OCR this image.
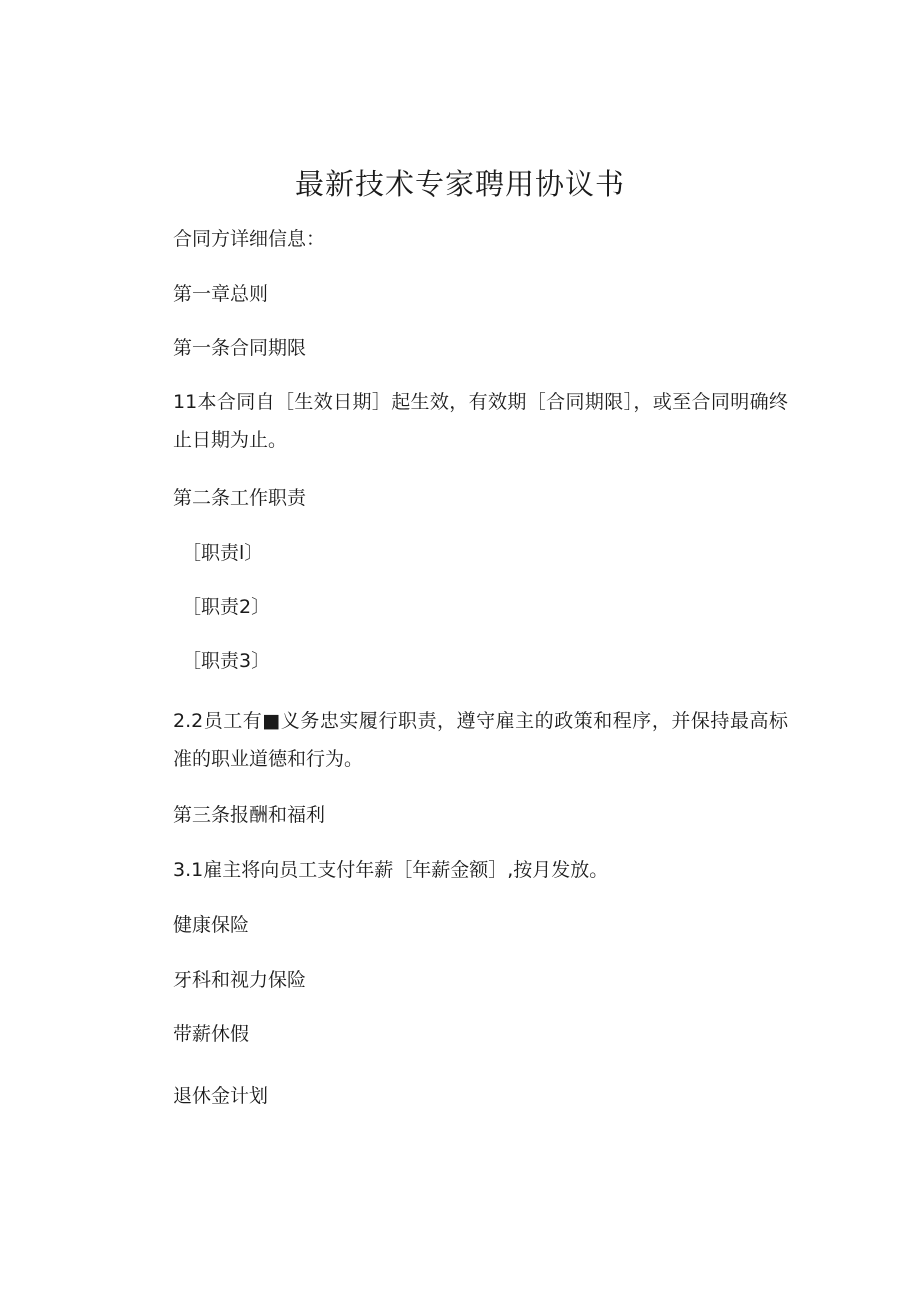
最新技术专家聘用协议书

合同方详细信息：

第一章总则

第一条合同期限

11本合同自［生效日期］起生效，有效期［合同期限］，或至合同明确终止日期为止。

第二条工作职责

［职责l〕

［职责2〕

［职责3〕

2.2员工有■义务忠实履行职责，遵守雇主的政策和程序，并保持最高标准的职业道德和行为。

第三条报酬和福利

3.1雇主将向员工支付年薪［年薪金额］,按月发放。

健康保险

牙科和视力保险

带薪休假

退休金计划
